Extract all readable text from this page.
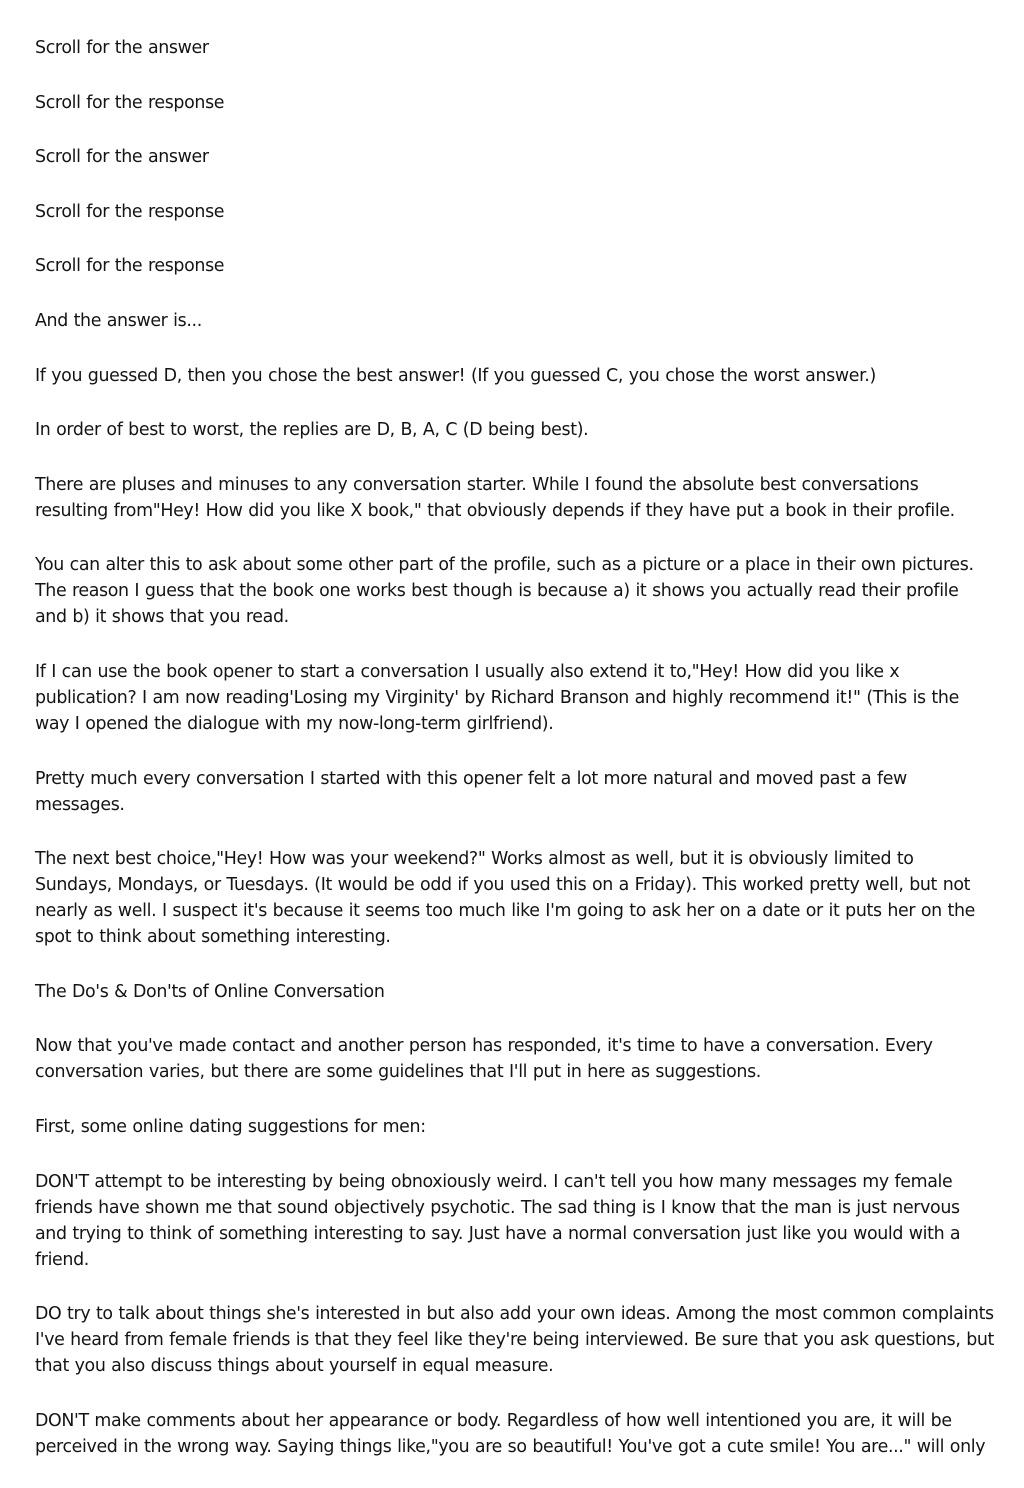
Scroll for the answer

Scroll for the response

Scroll for the answer

Scroll for the response

Scroll for the response

And the answer is...

If you guessed D, then you chose the best answer! (If you guessed C, you chose the worst answer.)

In order of best to worst, the replies are D, B, A, C (D being best).

There are pluses and minuses to any conversation starter. While I found the absolute best conversations resulting from"Hey! How did you like X book," that obviously depends if they have put a book in their profile.

You can alter this to ask about some other part of the profile, such as a picture or a place in their own pictures. The reason I guess that the book one works best though is because a) it shows you actually read their profile and b) it shows that you read.

If I can use the book opener to start a conversation I usually also extend it to,"Hey! How did you like x publication? I am now reading'Losing my Virginity' by Richard Branson and highly recommend it!" (This is the way I opened the dialogue with my now-long-term girlfriend).

Pretty much every conversation I started with this opener felt a lot more natural and moved past a few messages.

The next best choice,"Hey! How was your weekend?" Works almost as well, but it is obviously limited to Sundays, Mondays, or Tuesdays. (It would be odd if you used this on a Friday). This worked pretty well, but not nearly as well. I suspect it's because it seems too much like I'm going to ask her on a date or it puts her on the spot to think about something interesting.

The Do's & Don'ts of Online Conversation

Now that you've made contact and another person has responded, it's time to have a conversation. Every conversation varies, but there are some guidelines that I'll put in here as suggestions.

First, some online dating suggestions for men:

DON'T attempt to be interesting by being obnoxiously weird. I can't tell you how many messages my female friends have shown me that sound objectively psychotic. The sad thing is I know that the man is just nervous and trying to think of something interesting to say. Just have a normal conversation just like you would with a friend.

DO try to talk about things she's interested in but also add your own ideas. Among the most common complaints I've heard from female friends is that they feel like they're being interviewed. Be sure that you ask questions, but that you also discuss things about yourself in equal measure.

DON'T make comments about her appearance or body. Regardless of how well intentioned you are, it will be perceived in the wrong way. Saying things like,"you are so beautiful! You've got a cute smile! You are..." will only
